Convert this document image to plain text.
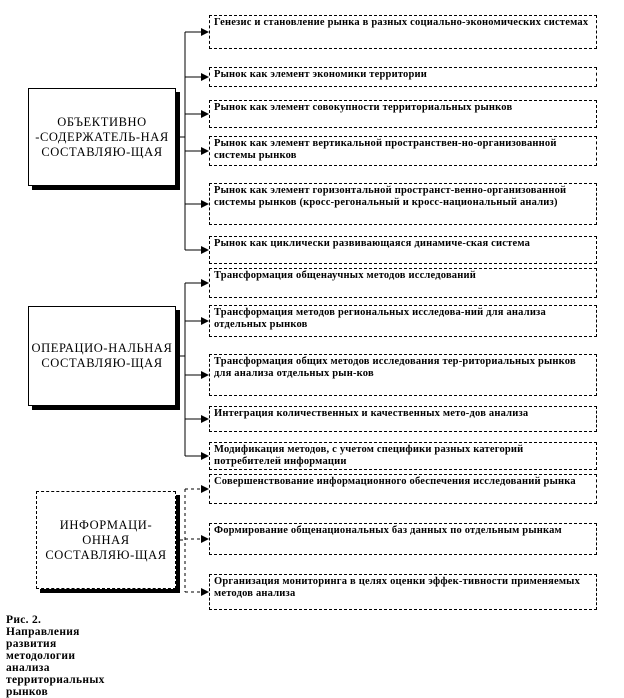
ОБЪЕКТИВНО -СОДЕРЖАТЕЛЬ-НАЯ СОСТАВЛЯЮ-ЩАЯ
ОПЕРАЦИО-НАЛЬНАЯ СОСТАВЛЯЮ-ЩАЯ
ИНФОРМАЦИ-ОННАЯ СОСТАВЛЯЮ-ЩАЯ
Генезис и становление рынка в разных социально-экономических системах
Рынок как элемент экономики территории
Рынок как элемент совокупности территориальных рынков
Рынок как элемент вертикальной пространствен-но-организованной системы рынков
Рынок как элемент горизонтальной пространст-венно-организованной системы рынков (кросс-регональный и кросс-национальный анализ)
Рынок как циклически развивающаяся динамиче-ская система
Трансформация общенаучных методов исследований
Трансформация методов региональных исследова-ний для анализа отдельных рынков
Трансформация общих методов исследования тер-риториальных рынков для анализа отдельных рын-ков
Интеграция количественных и качественных мето-дов анализа
Модификация методов, с учетом специфики разных категорий потребителей информации
Совершенствование информационного обеспечения исследований рынка
Формирование общенациональных баз данных по отдельным рынкам
Организация мониторинга в целях оценки эффек-тивности применяемых методов анализа
Рис. 2. Направления развития методологии анализа территориальных рынков
